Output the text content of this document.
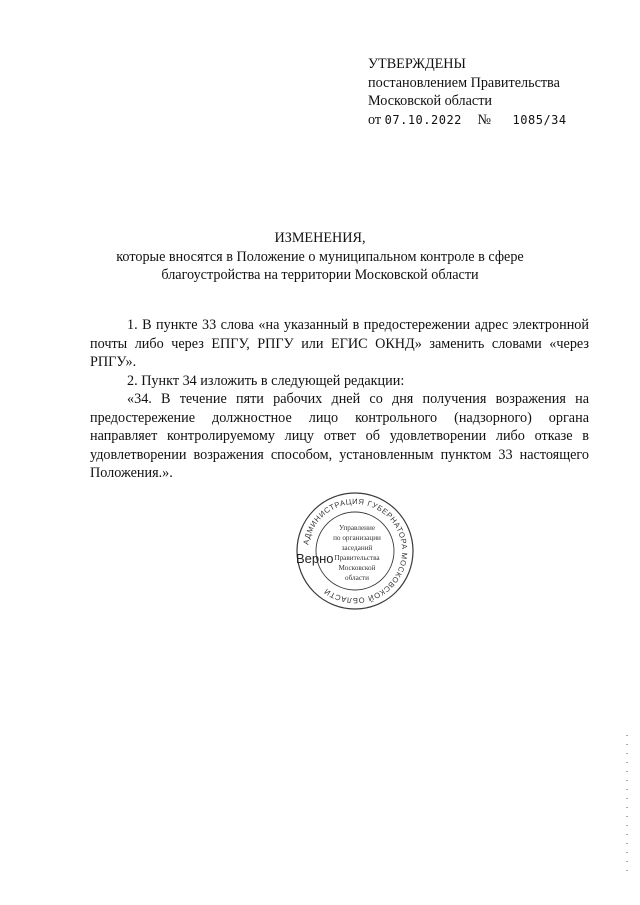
УТВЕРЖДЕНЫ
постановлением Правительства
Московской области
от 07.10.2022 № 1085/34
ИЗМЕНЕНИЯ,
которые вносятся в Положение о муниципальном контроле в сфере
благоустройства на территории Московской области

1. В пункте 33 слова «на указанный в предостережении адрес электронной почты либо через ЕПГУ, РПГУ или ЕГИС ОКНД» заменить словами «через РПГУ».

2. Пункт 34 изложить в следующей редакции:

«34. В течение пяти рабочих дней со дня получения возражения на предостережение должностное лицо контрольного (надзорного) органа направляет контролируемому лицу ответ об удовлетворении либо отказе в удовлетворении возражения способом, установленным пунктом 33 настоящего Положения.».

АДМИНИСТРАЦИЯ ГУБЕРНАТОРА МОСКОВСКОЙ ОБЛАСТИ
Управление
по организации
заседаний
Правительства
Московской
области
Верно
